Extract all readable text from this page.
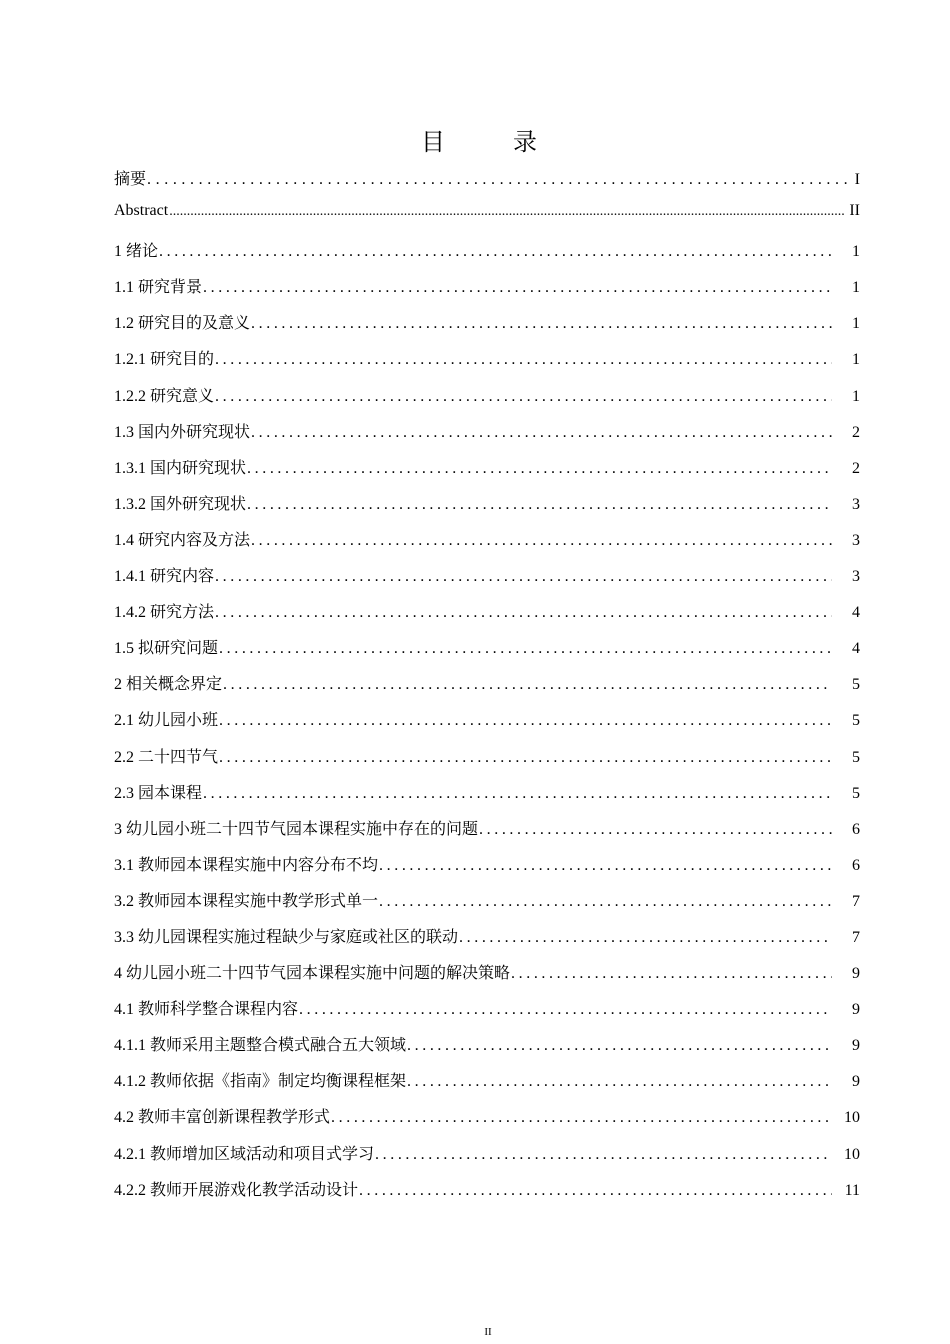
目　录
摘要 .....	I
Abstract .....	II
1 绪论 .....	1
1.1 研究背景 .....	1
1.2 研究目的及意义 .....	1
1.2.1 研究目的 .....	1
1.2.2 研究意义 .....	1
1.3 国内外研究现状 .....	2
1.3.1 国内研究现状 .....	2
1.3.2 国外研究现状 .....	3
1.4 研究内容及方法 .....	3
1.4.1 研究内容 .....	3
1.4.2 研究方法 .....	4
1.5 拟研究问题 .....	4
2 相关概念界定 .....	5
2.1 幼儿园小班 .....	5
2.2 二十四节气 .....	5
2.3 园本课程 .....	5
3 幼儿园小班二十四节气园本课程实施中存在的问题 .....	6
3.1 教师园本课程实施中内容分布不均 .....	6
3.2 教师园本课程实施中教学形式单一 .....	7
3.3 幼儿园课程实施过程缺少与家庭或社区的联动 .....	7
4 幼儿园小班二十四节气园本课程实施中问题的解决策略 .....	9
4.1 教师科学整合课程内容 .....	9
4.1.1 教师采用主题整合模式融合五大领域 .....	9
4.1.2 教师依据《指南》制定均衡课程框架 .....	9
4.2 教师丰富创新课程教学形式 .....	10
4.2.1 教师增加区域活动和项目式学习 .....	10
4.2.2 教师开展游戏化教学活动设计 .....	11
II
